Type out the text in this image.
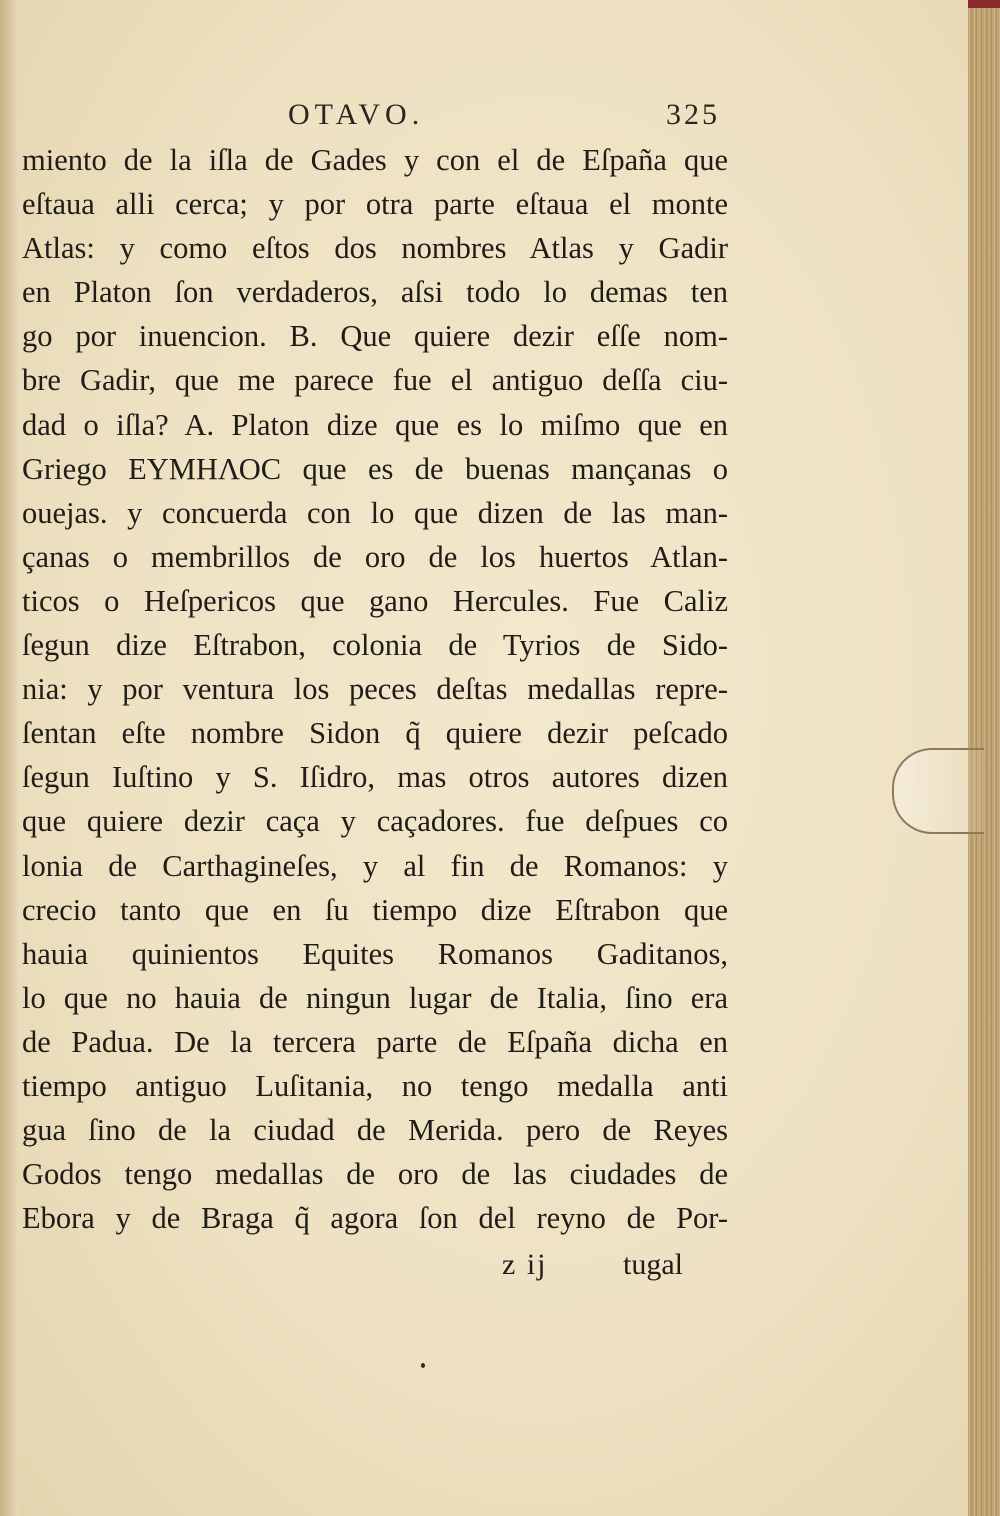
OTAVO.	325
miento de la iſla de Gades y con el de Eſpaña que
eſtaua alli cerca; y por otra parte eſtaua el monte
Atlas: y como eſtos dos nombres Atlas y Gadir
en Platon ſon verdaderos, aſsi todo lo demas ten
go por inuencion. B. Que quiere dezir eſſe nom-
bre Gadir, que me parece fue el antiguo deſſa ciu-
dad o iſla? A. Platon dize que es lo miſmo que en
Griego ΕΥΜΗΛΟC que es de buenas mançanas o
ouejas. y concuerda con lo que dizen de las man-
çanas o membrillos de oro de los huertos Atlan-
ticos o Heſpericos que gano Hercules. Fue Caliz
ſegun dize Eſtrabon, colonia de Tyrios de Sido-
nia: y por ventura los peces deſtas medallas repre-
ſentan eſte nombre Sidon q̃ quiere dezir peſcado
ſegun Iuſtino y S. Iſidro, mas otros autores dizen
que quiere dezir caça y caçadores. fue deſpues co
lonia de Carthagineſes, y al fin de Romanos: y
crecio tanto que en ſu tiempo dize Eſtrabon que
hauia quinientos Equites Romanos Gaditanos,
lo que no hauia de ningun lugar de Italia, ſino era
de Padua. De la tercera parte de Eſpaña dicha en
tiempo antiguo Luſitania, no tengo medalla anti
gua ſino de la ciudad de Merida. pero de Reyes
Godos tengo medallas de oro de las ciudades de
Ebora y de Braga q̃ agora ſon del reyno de Por-
z ij	tugal
